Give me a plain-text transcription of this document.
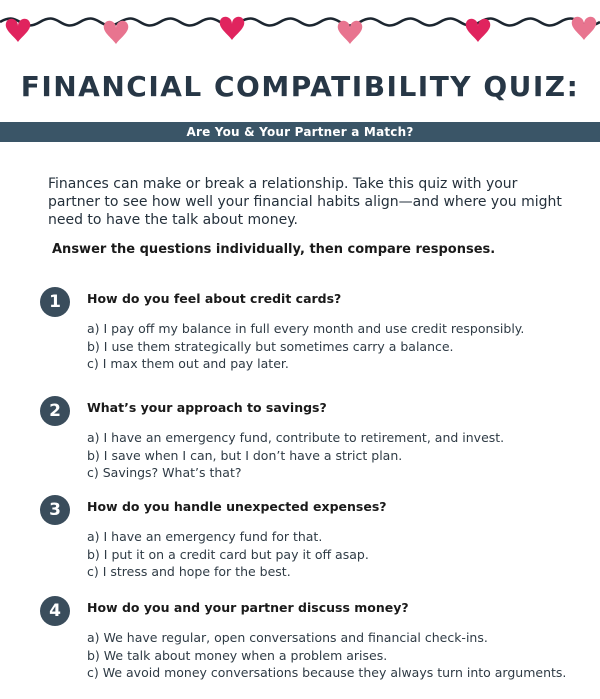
FINANCIAL COMPATIBILITY QUIZ:
Are You & Your Partner a Match?
Finances can make or break a relationship. Take this quiz with your partner to see how well your financial habits align—and where you might need to have the talk about money.
Answer the questions individually, then compare responses.
1	How do you feel about credit cards?
a) I pay off my balance in full every month and use credit responsibly.
b) I use them strategically but sometimes carry a balance.
c) I max them out and pay later.
2	What’s your approach to savings?
a) I have an emergency fund, contribute to retirement, and invest.
b) I save when I can, but I don’t have a strict plan.
c) Savings? What’s that?
3	How do you handle unexpected expenses?
a) I have an emergency fund for that.
b) I put it on a credit card but pay it off asap.
c) I stress and hope for the best.
4	How do you and your partner discuss money?
a) We have regular, open conversations and financial check-ins.
b) We talk about money when a problem arises.
c) We avoid money conversations because they always turn into arguments.
